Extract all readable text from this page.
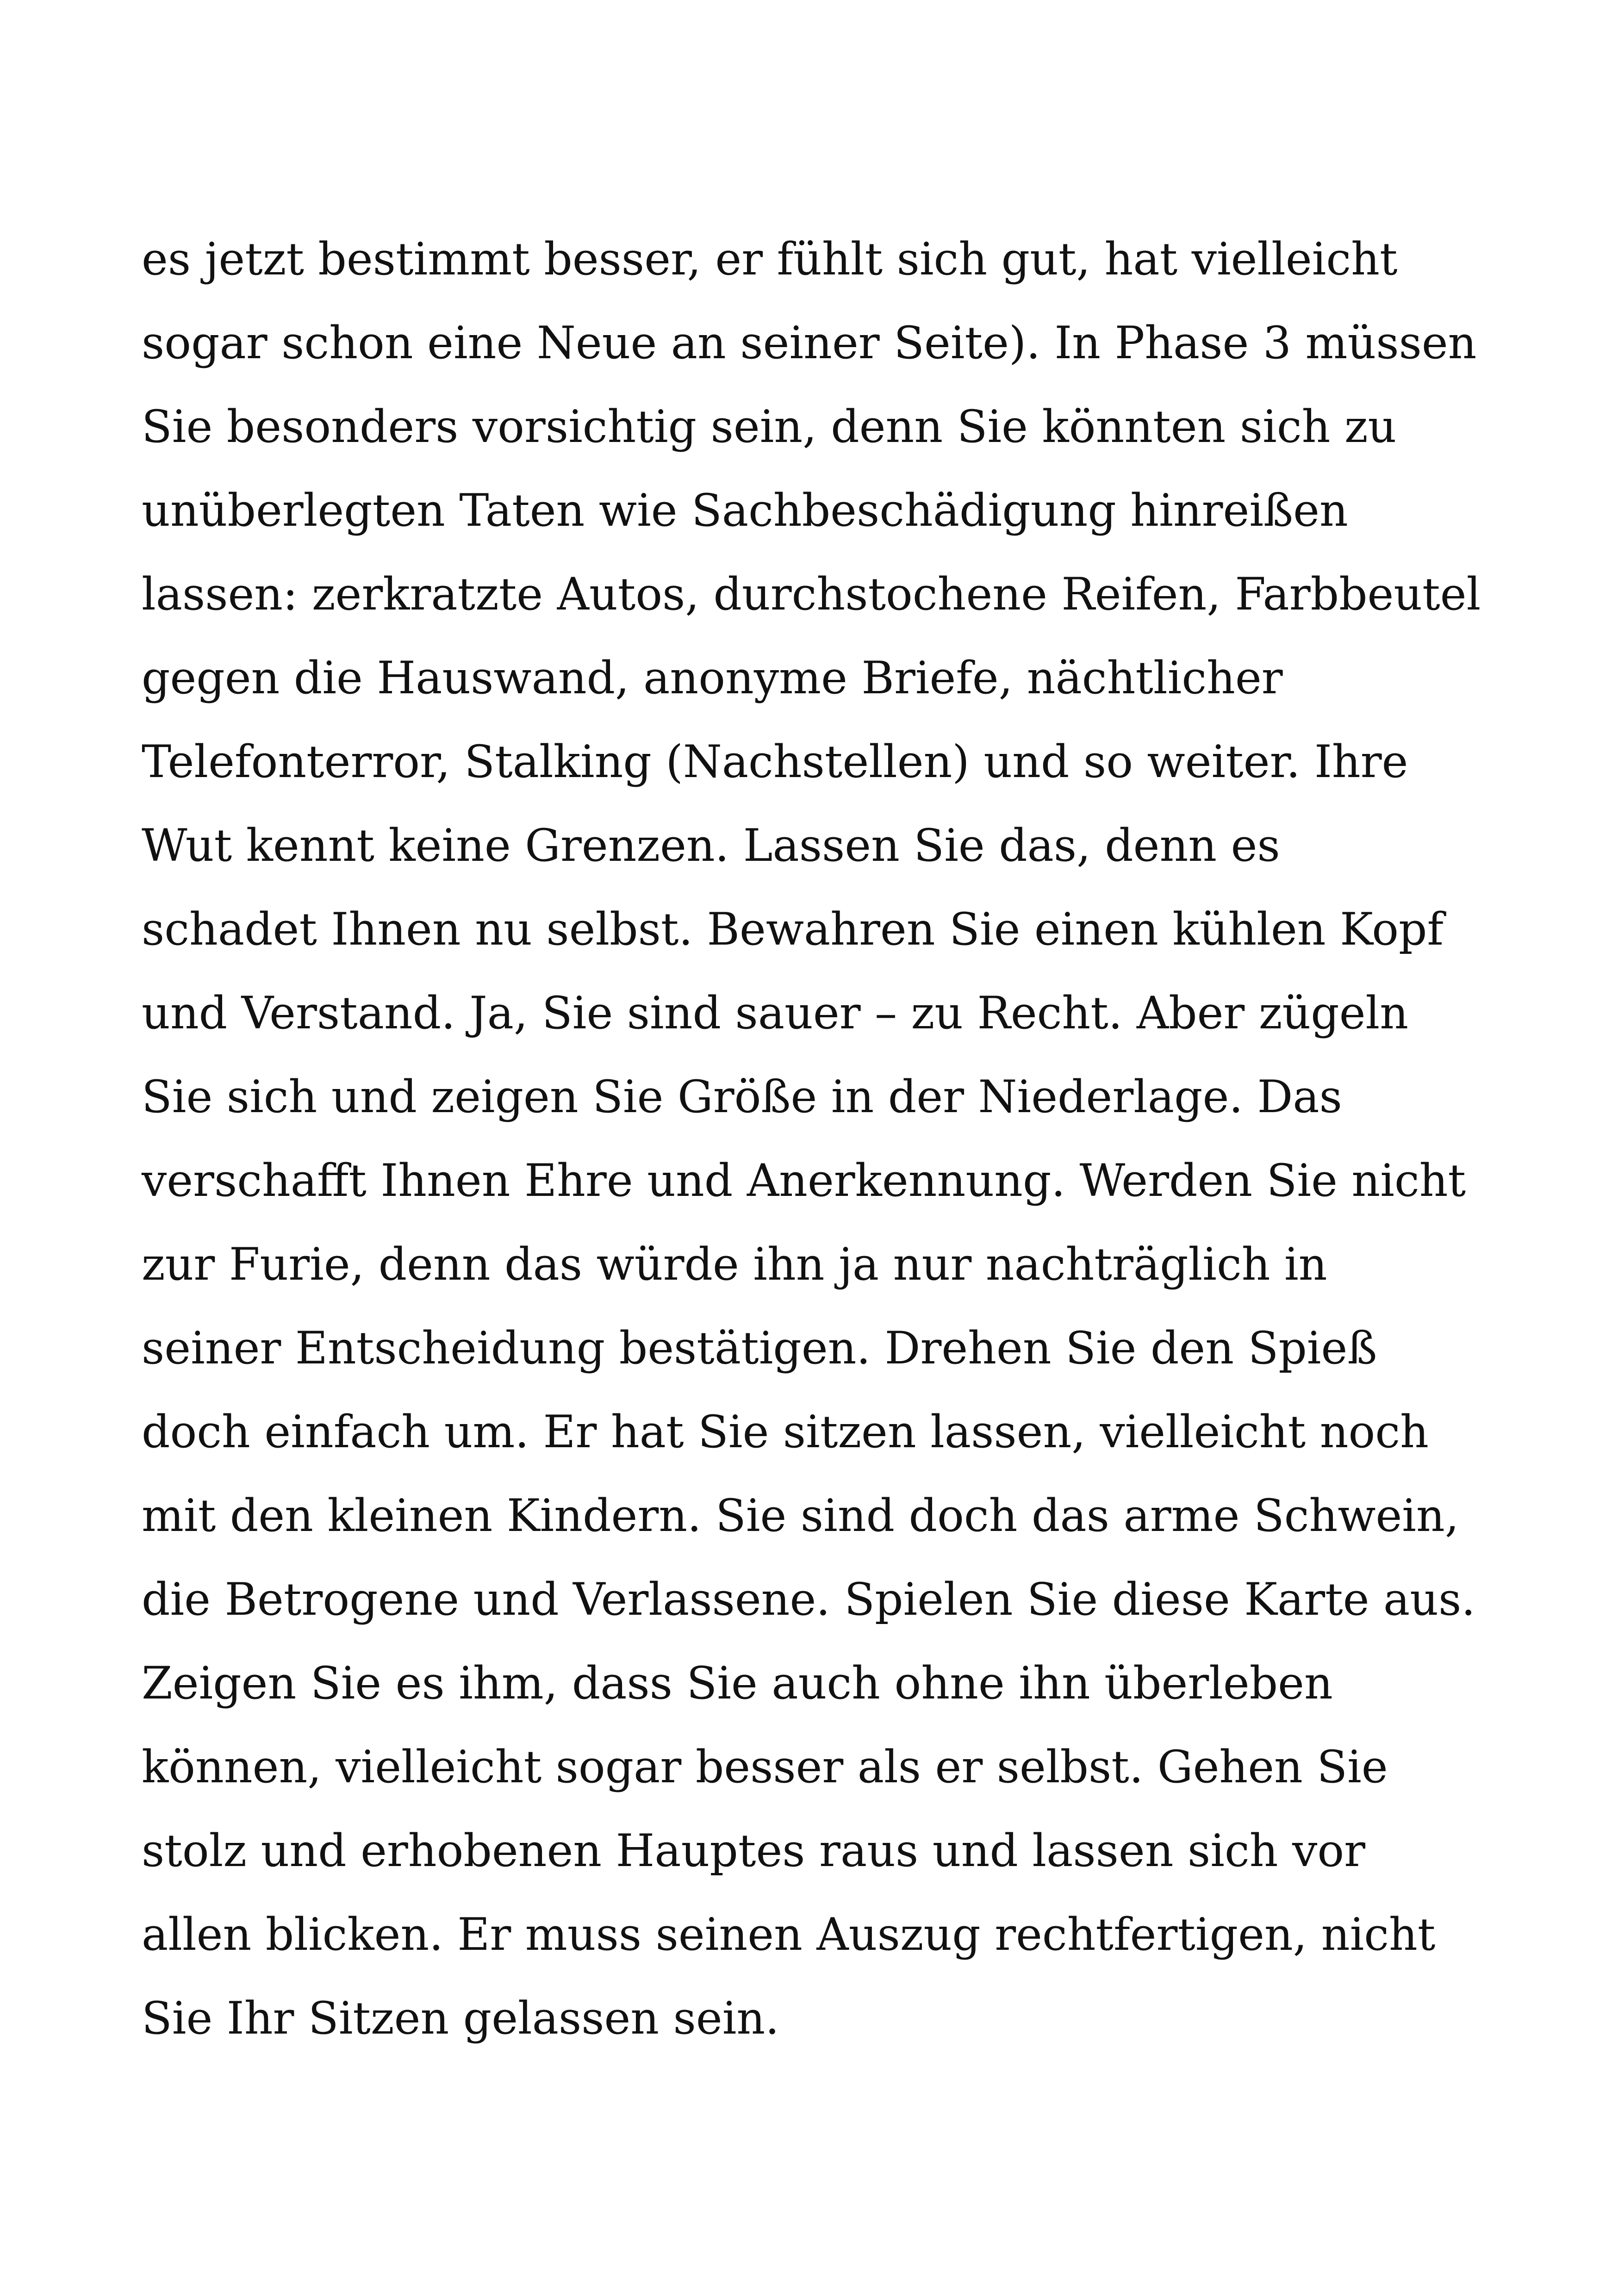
es jetzt bestimmt besser, er fühlt sich gut, hat vielleicht
sogar schon eine Neue an seiner Seite). In Phase 3 müssen
Sie besonders vorsichtig sein, denn Sie könnten sich zu
unüberlegten Taten wie Sachbeschädigung hinreißen
lassen: zerkratzte Autos, durchstochene Reifen, Farbbeutel
gegen die Hauswand, anonyme Briefe, nächtlicher
Telefonterror, Stalking (Nachstellen) und so weiter. Ihre
Wut kennt keine Grenzen. Lassen Sie das, denn es
schadet Ihnen nu selbst. Bewahren Sie einen kühlen Kopf
und Verstand. Ja, Sie sind sauer – zu Recht. Aber zügeln
Sie sich und zeigen Sie Größe in der Niederlage. Das
verschafft Ihnen Ehre und Anerkennung. Werden Sie nicht
zur Furie, denn das würde ihn ja nur nachträglich in
seiner Entscheidung bestätigen. Drehen Sie den Spieß
doch einfach um. Er hat Sie sitzen lassen, vielleicht noch
mit den kleinen Kindern. Sie sind doch das arme Schwein,
die Betrogene und Verlassene. Spielen Sie diese Karte aus.
Zeigen Sie es ihm, dass Sie auch ohne ihn überleben
können, vielleicht sogar besser als er selbst. Gehen Sie
stolz und erhobenen Hauptes raus und lassen sich vor
allen blicken. Er muss seinen Auszug rechtfertigen, nicht
Sie Ihr Sitzen gelassen sein.
